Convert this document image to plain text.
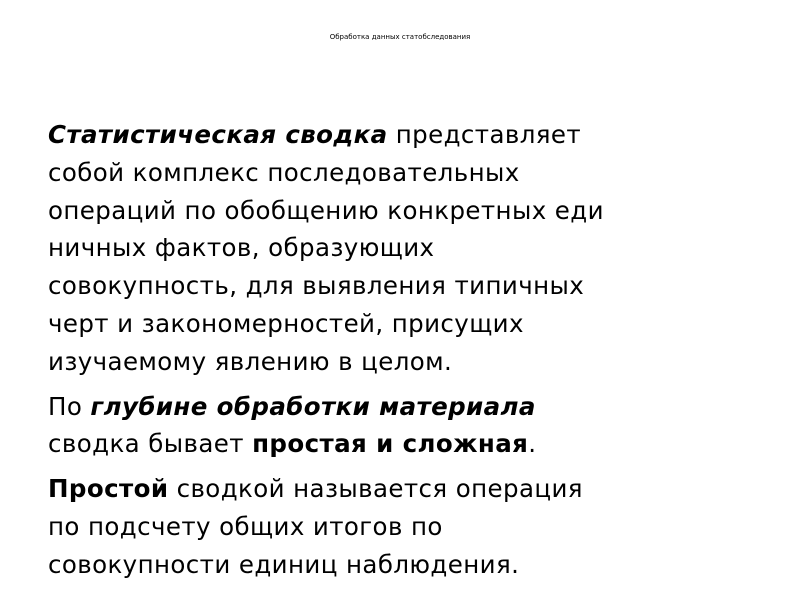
Обработка данных статобследования

Статистическая сводка представляет
собой комплекс последовательных
операций по обобщению конкретных еди
ничных фактов, образующих
совокупность, для выявления типичных
черт и закономерностей, присущих
изучаемому явлению в целом.

По глубине обработки материала
сводка бывает простая и сложная.

Простой сводкой называется операция
по подсчету общих итогов по
совокупности единиц наблюдения.
